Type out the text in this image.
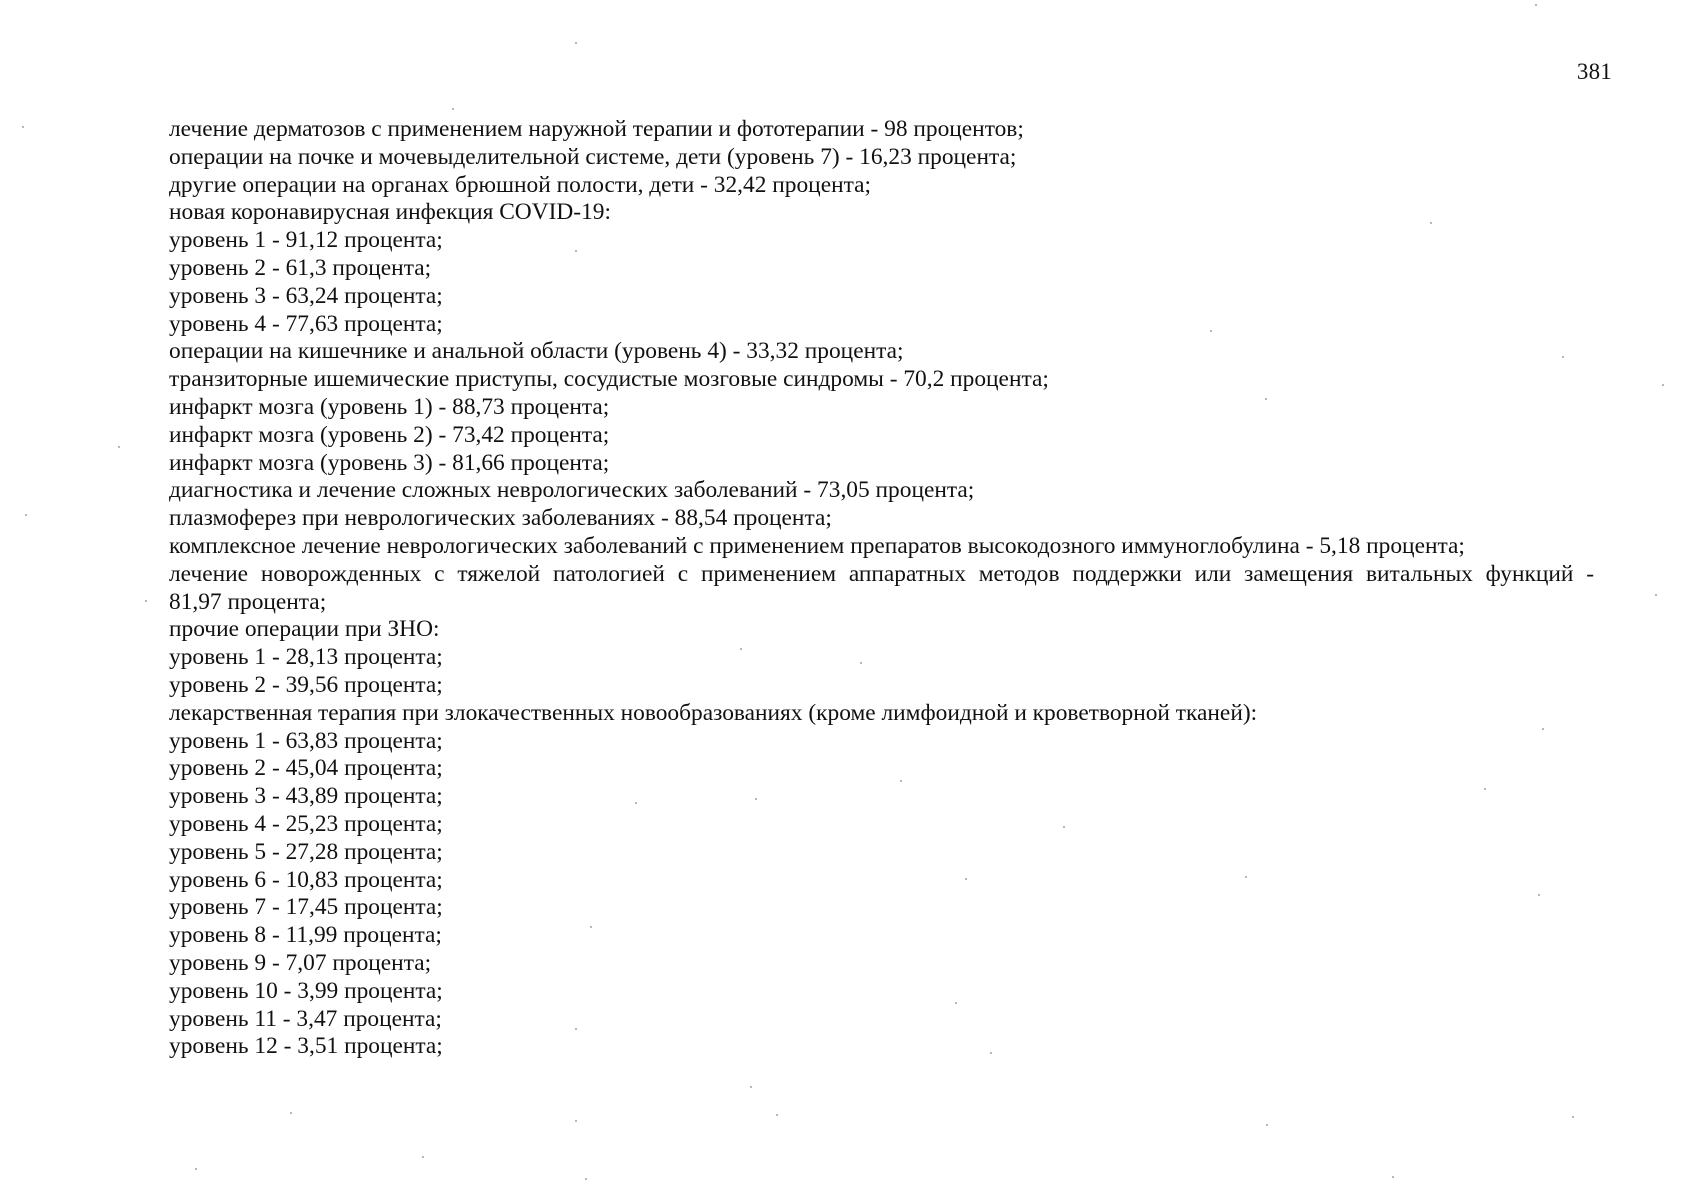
381
лечение дерматозов с применением наружной терапии и фототерапии - 98 процентов;
операции на почке и мочевыделительной системе, дети (уровень 7) - 16,23 процента;
другие операции на органах брюшной полости, дети - 32,42 процента;
новая коронавирусная инфекция COVID-19:
уровень 1 - 91,12 процента;
уровень 2 - 61,3 процента;
уровень 3 - 63,24 процента;
уровень 4 - 77,63 процента;
операции на кишечнике и анальной области (уровень 4) - 33,32 процента;
транзиторные ишемические приступы, сосудистые мозговые синдромы - 70,2 процента;
инфаркт мозга (уровень 1) - 88,73 процента;
инфаркт мозга (уровень 2) - 73,42 процента;
инфаркт мозга (уровень 3) - 81,66 процента;
диагностика и лечение сложных неврологических заболеваний - 73,05 процента;
плазмоферез при неврологических заболеваниях - 88,54 процента;
комплексное лечение неврологических заболеваний с применением препаратов высокодозного иммуноглобулина - 5,18 процента;
лечение новорожденных с тяжелой патологией с применением аппаратных методов поддержки или замещения витальных функций -
81,97 процента;
прочие операции при ЗНО:
уровень 1 - 28,13 процента;
уровень 2 - 39,56 процента;
лекарственная терапия при злокачественных новообразованиях (кроме лимфоидной и кроветворной тканей):
уровень 1 - 63,83 процента;
уровень 2 - 45,04 процента;
уровень 3 - 43,89 процента;
уровень 4 - 25,23 процента;
уровень 5 - 27,28 процента;
уровень 6 - 10,83 процента;
уровень 7 - 17,45 процента;
уровень 8 - 11,99 процента;
уровень 9 - 7,07 процента;
уровень 10 - 3,99 процента;
уровень 11 - 3,47 процента;
уровень 12 - 3,51 процента;
